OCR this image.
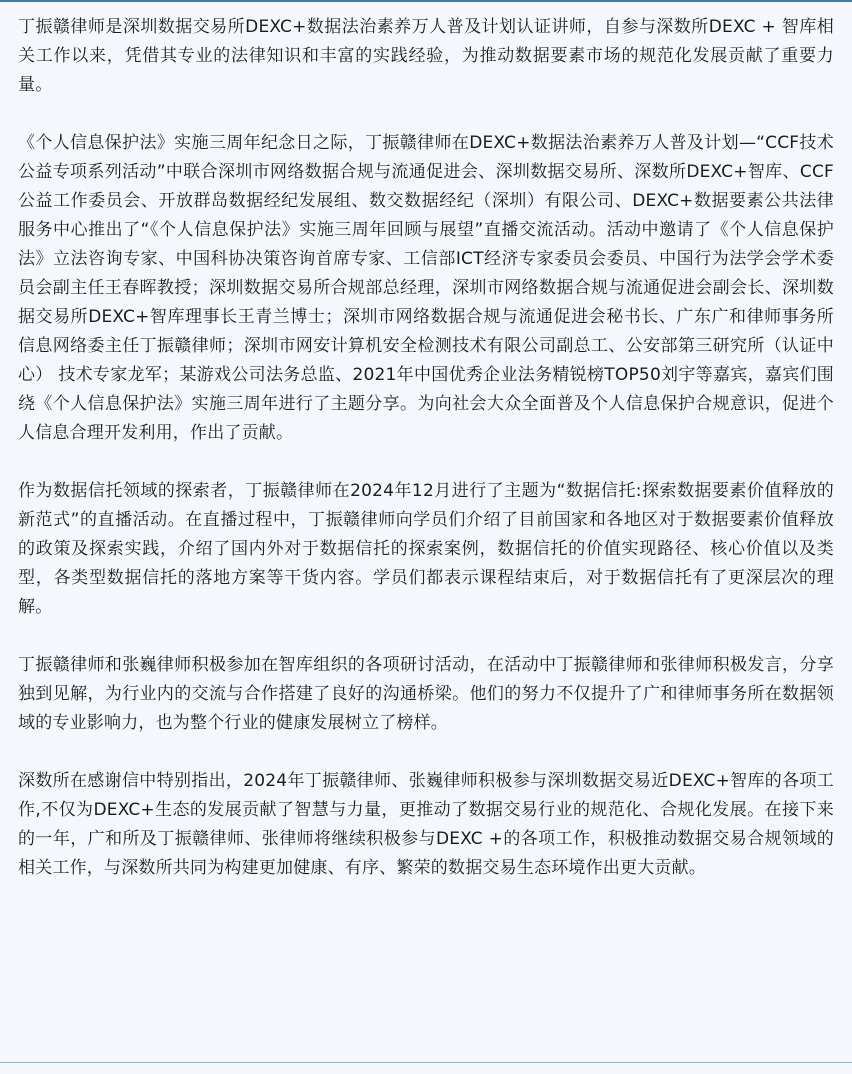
丁振赣律师是深圳数据交易所DEXC+数据法治素养万人普及计划认证讲师，自参与深数所DEXC + 智库相关工作以来，凭借其专业的法律知识和丰富的实践经验，为推动数据要素市场的规范化发展贡献了重要力量。

《个人信息保护法》实施三周年纪念日之际，丁振赣律师在DEXC+数据法治素养万人普及计划—“CCF技术公益专项系列活动”中联合深圳市网络数据合规与流通促进会、深圳数据交易所、深数所DEXC+智库、CCF公益工作委员会、开放群岛数据经纪发展组、数交数据经纪（深圳）有限公司、DEXC+数据要素公共法律服务中心推出了“《个人信息保护法》实施三周年回顾与展望”直播交流活动。活动中邀请了《个人信息保护法》立法咨询专家、中国科协决策咨询首席专家、工信部ICT经济专家委员会委员、中国行为法学会学术委员会副主任王春晖教授；深圳数据交易所合规部总经理，深圳市网络数据合规与流通促进会副会长、深圳数据交易所DEXC+智库理事长王青兰博士；深圳市网络数据合规与流通促进会秘书长、广东广和律师事务所信息网络委主任丁振赣律师；深圳市网安计算机安全检测技术有限公司副总工、公安部第三研究所（认证中心） 技术专家龙军；某游戏公司法务总监、2021年中国优秀企业法务精锐榜TOP50刘宇等嘉宾，嘉宾们围绕《个人信息保护法》实施三周年进行了主题分享。为向社会大众全面普及个人信息保护合规意识，促进个人信息合理开发利用，作出了贡献。

作为数据信托领域的探索者，丁振赣律师在2024年12月进行了主题为“数据信托:探索数据要素价值释放的新范式”的直播活动。在直播过程中，丁振赣律师向学员们介绍了目前国家和各地区对于数据要素价值释放的政策及探索实践，介绍了国内外对于数据信托的探索案例，数据信托的价值实现路径、核心价值以及类型，各类型数据信托的落地方案等干货内容。学员们都表示课程结束后，对于数据信托有了更深层次的理解。

丁振赣律师和张巍律师积极参加在智库组织的各项研讨活动，在活动中丁振赣律师和张律师积极发言，分享独到见解，为行业内的交流与合作搭建了良好的沟通桥梁。他们的努力不仅提升了广和律师事务所在数据领域的专业影响力，也为整个行业的健康发展树立了榜样。

深数所在感谢信中特别指出，2024年丁振赣律师、张巍律师积极参与深圳数据交易近DEXC+智库的各项工作,不仅为DEXC+生态的发展贡献了智慧与力量，更推动了数据交易行业的规范化、合规化发展。在接下来的一年，广和所及丁振赣律师、张律师将继续积极参与DEXC +的各项工作，积极推动数据交易合规领域的相关工作，与深数所共同为构建更加健康、有序、繁荣的数据交易生态环境作出更大贡献。
